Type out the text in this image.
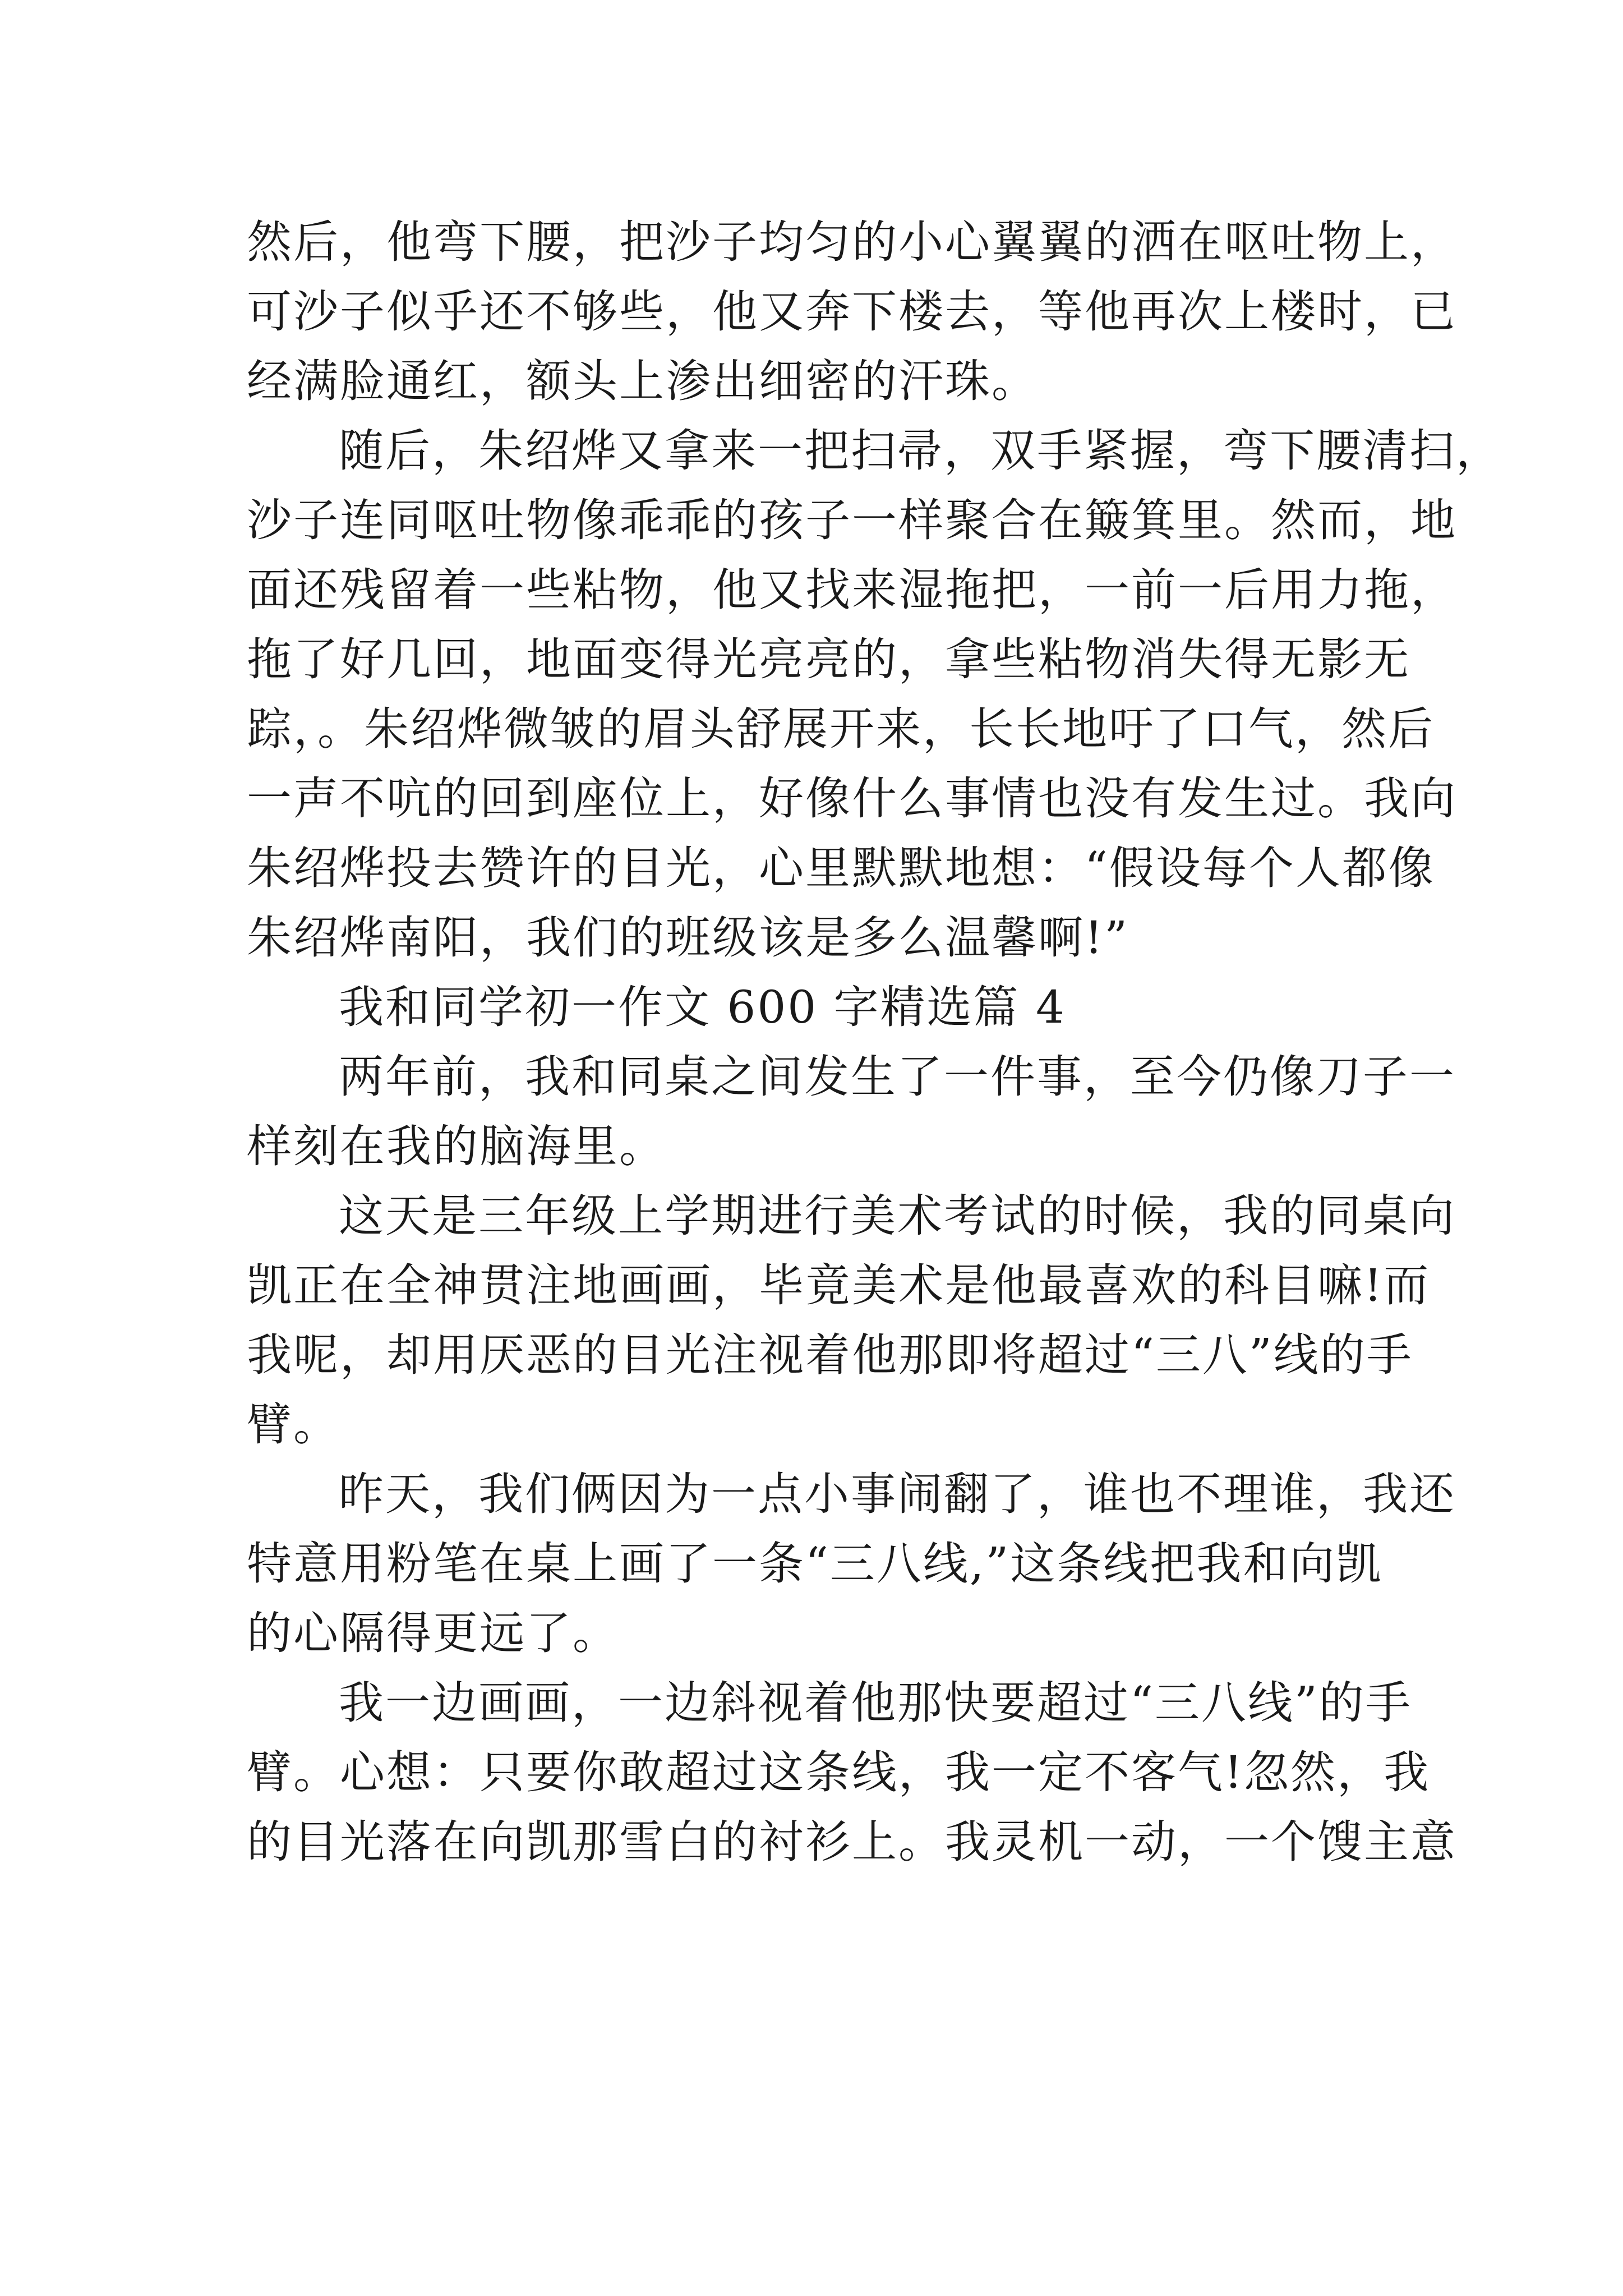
然后，他弯下腰，把沙子均匀的小心翼翼的洒在呕吐物上，
可沙子似乎还不够些，他又奔下楼去，等他再次上楼时，已
经满脸通红，额头上渗出细密的汗珠。
随后，朱绍烨又拿来一把扫帚，双手紧握，弯下腰清扫，
沙子连同呕吐物像乖乖的孩子一样聚合在簸箕里。然而，地
面还残留着一些粘物，他又找来湿拖把，一前一后用力拖，
拖了好几回，地面变得光亮亮的，拿些粘物消失得无影无
踪，。朱绍烨微皱的眉头舒展开来，长长地吁了口气，然后
一声不吭的回到座位上，好像什么事情也没有发生过。我向
朱绍烨投去赞许的目光，心里默默地想：“假设每个人都像
朱绍烨南阳，我们的班级该是多么温馨啊!”
我和同学初一作文 600 字精选篇 4
两年前，我和同桌之间发生了一件事，至今仍像刀子一
样刻在我的脑海里。
这天是三年级上学期进行美术考试的时候，我的同桌向
凯正在全神贯注地画画，毕竟美术是他最喜欢的科目嘛!而
我呢，却用厌恶的目光注视着他那即将超过“三八”线的手
臂。
昨天，我们俩因为一点小事闹翻了，谁也不理谁，我还
特意用粉笔在桌上画了一条“三八线,”这条线把我和向凯
的心隔得更远了。
我一边画画，一边斜视着他那快要超过“三八线”的手
臂。心想：只要你敢超过这条线，我一定不客气!忽然，我
的目光落在向凯那雪白的衬衫上。我灵机一动，一个馊主意
